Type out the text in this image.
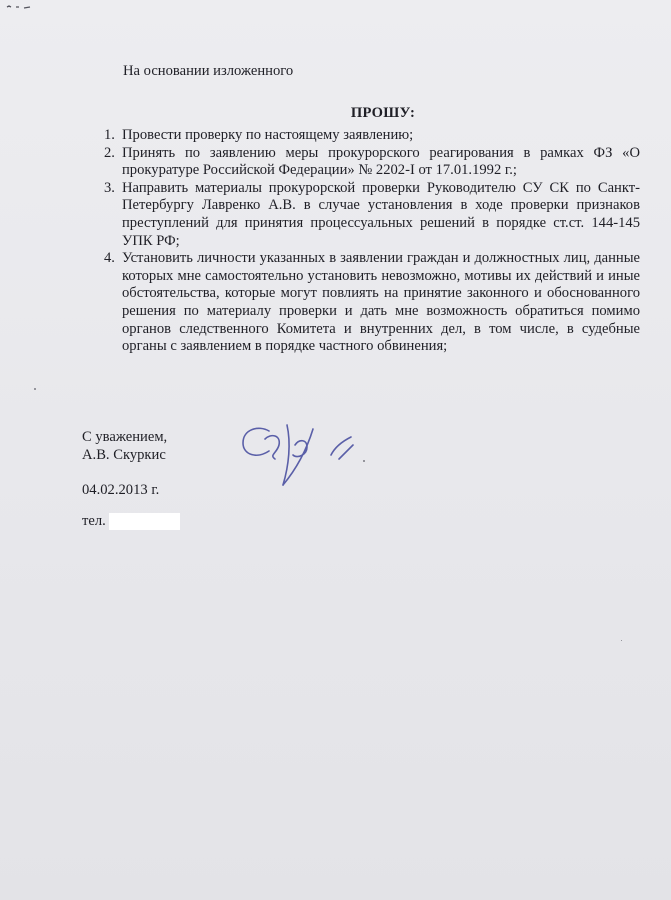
На основании изложенного
ПРОШУ:
1. Провести проверку по настоящему заявлению;
2. Принять по заявлению меры прокурорского реагирования в рамках ФЗ «О прокуратуре Российской Федерации» № 2202-I от 17.01.1992 г.;
3. Направить материалы прокурорской проверки Руководителю СУ СК по Санкт-Петербургу Лавренко А.В. в случае установления в ходе проверки признаков преступлений для принятия процессуальных решений в порядке ст.ст. 144-145 УПК РФ;
4. Установить личности указанных в заявлении граждан и должностных лиц, данные которых мне самостоятельно установить невозможно, мотивы их действий и иные обстоятельства, которые могут повлиять на принятие законного и обоснованного решения по материалу проверки и дать мне возможность обратиться помимо органов следственного Комитета и внутренних дел, в том числе, в судебные органы с заявлением в порядке частного обвинения;
С уважением,
А.В. Скуркис
04.02.2013 г.
тел.
